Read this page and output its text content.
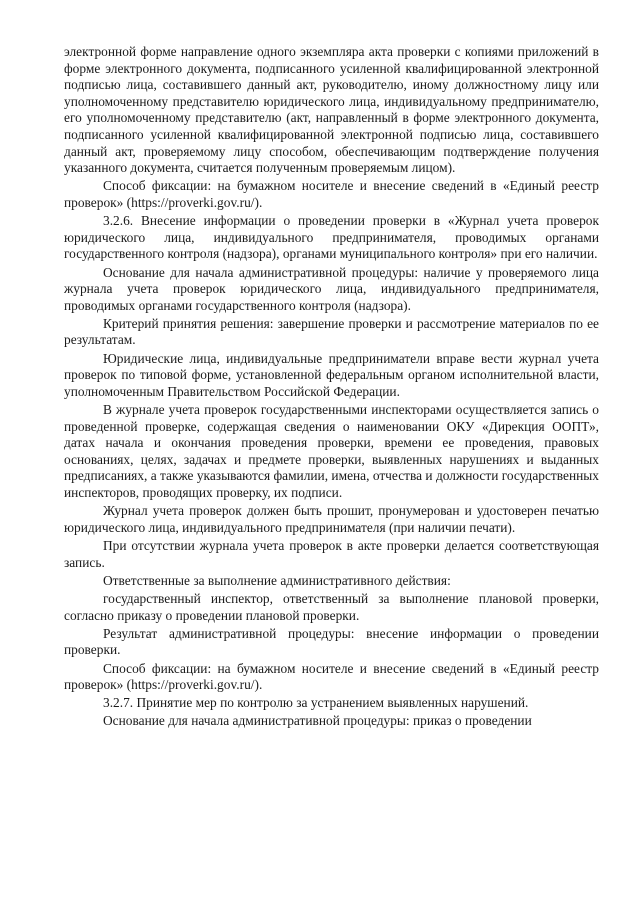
электронной форме направление одного экземпляра акта проверки с копиями приложений в форме электронного документа, подписанного усиленной квалифицированной электронной подписью лица, составившего данный акт, руководителю, иному должностному лицу или уполномоченному представителю юридического лица, индивидуальному предпринимателю, его уполномоченному представителю (акт, направленный в форме электронного документа, подписанного усиленной квалифицированной электронной подписью лица, составившего данный акт, проверяемому лицу способом, обеспечивающим подтверждение получения указанного документа, считается полученным проверяемым лицом).

Способ фиксации: на бумажном носителе и внесение сведений в «Единый реестр проверок» (https://proverki.gov.ru/).

3.2.6. Внесение информации о проведении проверки в «Журнал учета проверок юридического лица, индивидуального предпринимателя, проводимых органами государственного контроля (надзора), органами муниципального контроля» при его наличии.

Основание для начала административной процедуры: наличие у проверяемого лица журнала учета проверок юридического лица, индивидуального предпринимателя, проводимых органами государственного контроля (надзора).

Критерий принятия решения: завершение проверки и рассмотрение материалов по ее результатам.

Юридические лица, индивидуальные предприниматели вправе вести журнал учета проверок по типовой форме, установленной федеральным органом исполнительной власти, уполномоченным Правительством Российской Федерации.

В журнале учета проверок государственными инспекторами осуществляется запись о проведенной проверке, содержащая сведения о наименовании ОКУ «Дирекция ООПТ», датах начала и окончания проведения проверки, времени ее проведения, правовых основаниях, целях, задачах и предмете проверки, выявленных нарушениях и выданных предписаниях, а также указываются фамилии, имена, отчества и должности государственных инспекторов, проводящих проверку, их подписи.

Журнал учета проверок должен быть прошит, пронумерован и удостоверен печатью юридического лица, индивидуального предпринимателя (при наличии печати).

При отсутствии журнала учета проверок в акте проверки делается соответствующая запись.

Ответственные за выполнение административного действия:

государственный инспектор, ответственный за выполнение плановой проверки, согласно приказу о проведении плановой проверки.

Результат административной процедуры: внесение информации о проведении проверки.

Способ фиксации: на бумажном носителе и внесение сведений в «Единый реестр проверок» (https://proverki.gov.ru/).

3.2.7. Принятие мер по контролю за устранением выявленных нарушений.

Основание для начала административной процедуры: приказ о проведении
